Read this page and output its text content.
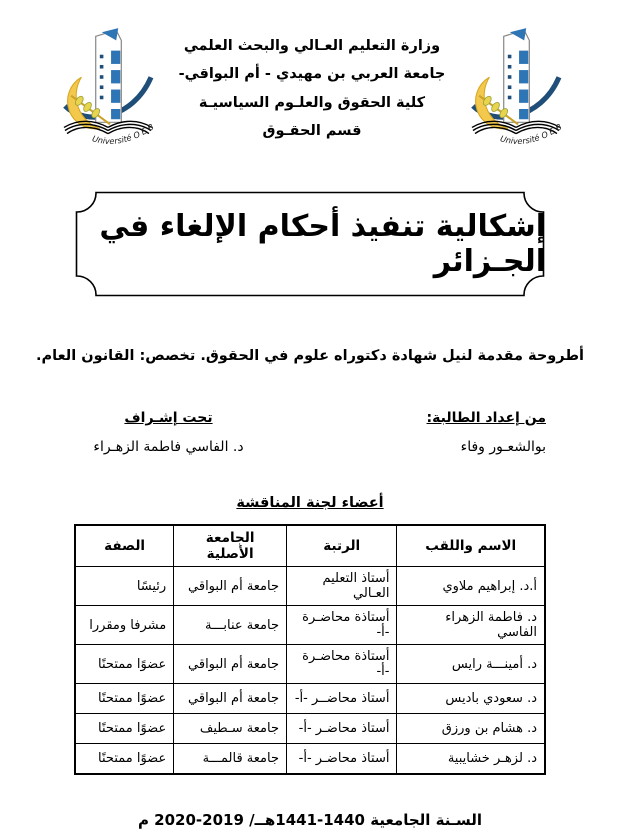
وزارة التعليم العـالي والبحث العلمي
جامعة العربي بن مهيدي - أم البواقي-
كلية الحقوق والعلـوم السياسيـة
قسم الحقـوق
إشكالية تنفيذ أحكام الإلغاء في الجـزائر
أطروحة مقدمة لنيل شهادة دكتوراه علوم في الحقوق. تخصص: القانون العام.
من إعداد الطالبة:
بوالشعـور وفاء
تحت إشـراف
د. الفاسي فاطمة الزهـراء
أعضاء لجنة المناقشة
الاسم واللقب	الرتبة	الجامعة الأصلية	الصفة
أ.د. إبراهيم ملاوي	أستاذ التعليم العـالي	جامعة أم البواقي	رئيسًا
د. فاطمة الزهراء الفاسي	أستاذة محاضـرة -أ-	جامعة عنابـــة	مشرفا ومقررا
د. أمينـــة رايس	أستاذة محاضـرة -أ-	جامعة أم البواقي	عضوًا ممتحنًا
د. سعودي باديس	أستاذ محاضــر -أ-	جامعة أم البواقي	عضوًا ممتحنًا
د. هشام بن ورزق	أستاذ محاضـر -أ-	جامعة سـطيف	عضوًا ممتحنًا
د. لزهـر خشايبية	أستاذ محاضـر -أ-	جامعة قالمـــة	عضوًا ممتحنًا
السـنة الجامعية 1440-1441هــ/ 2019-2020 م
